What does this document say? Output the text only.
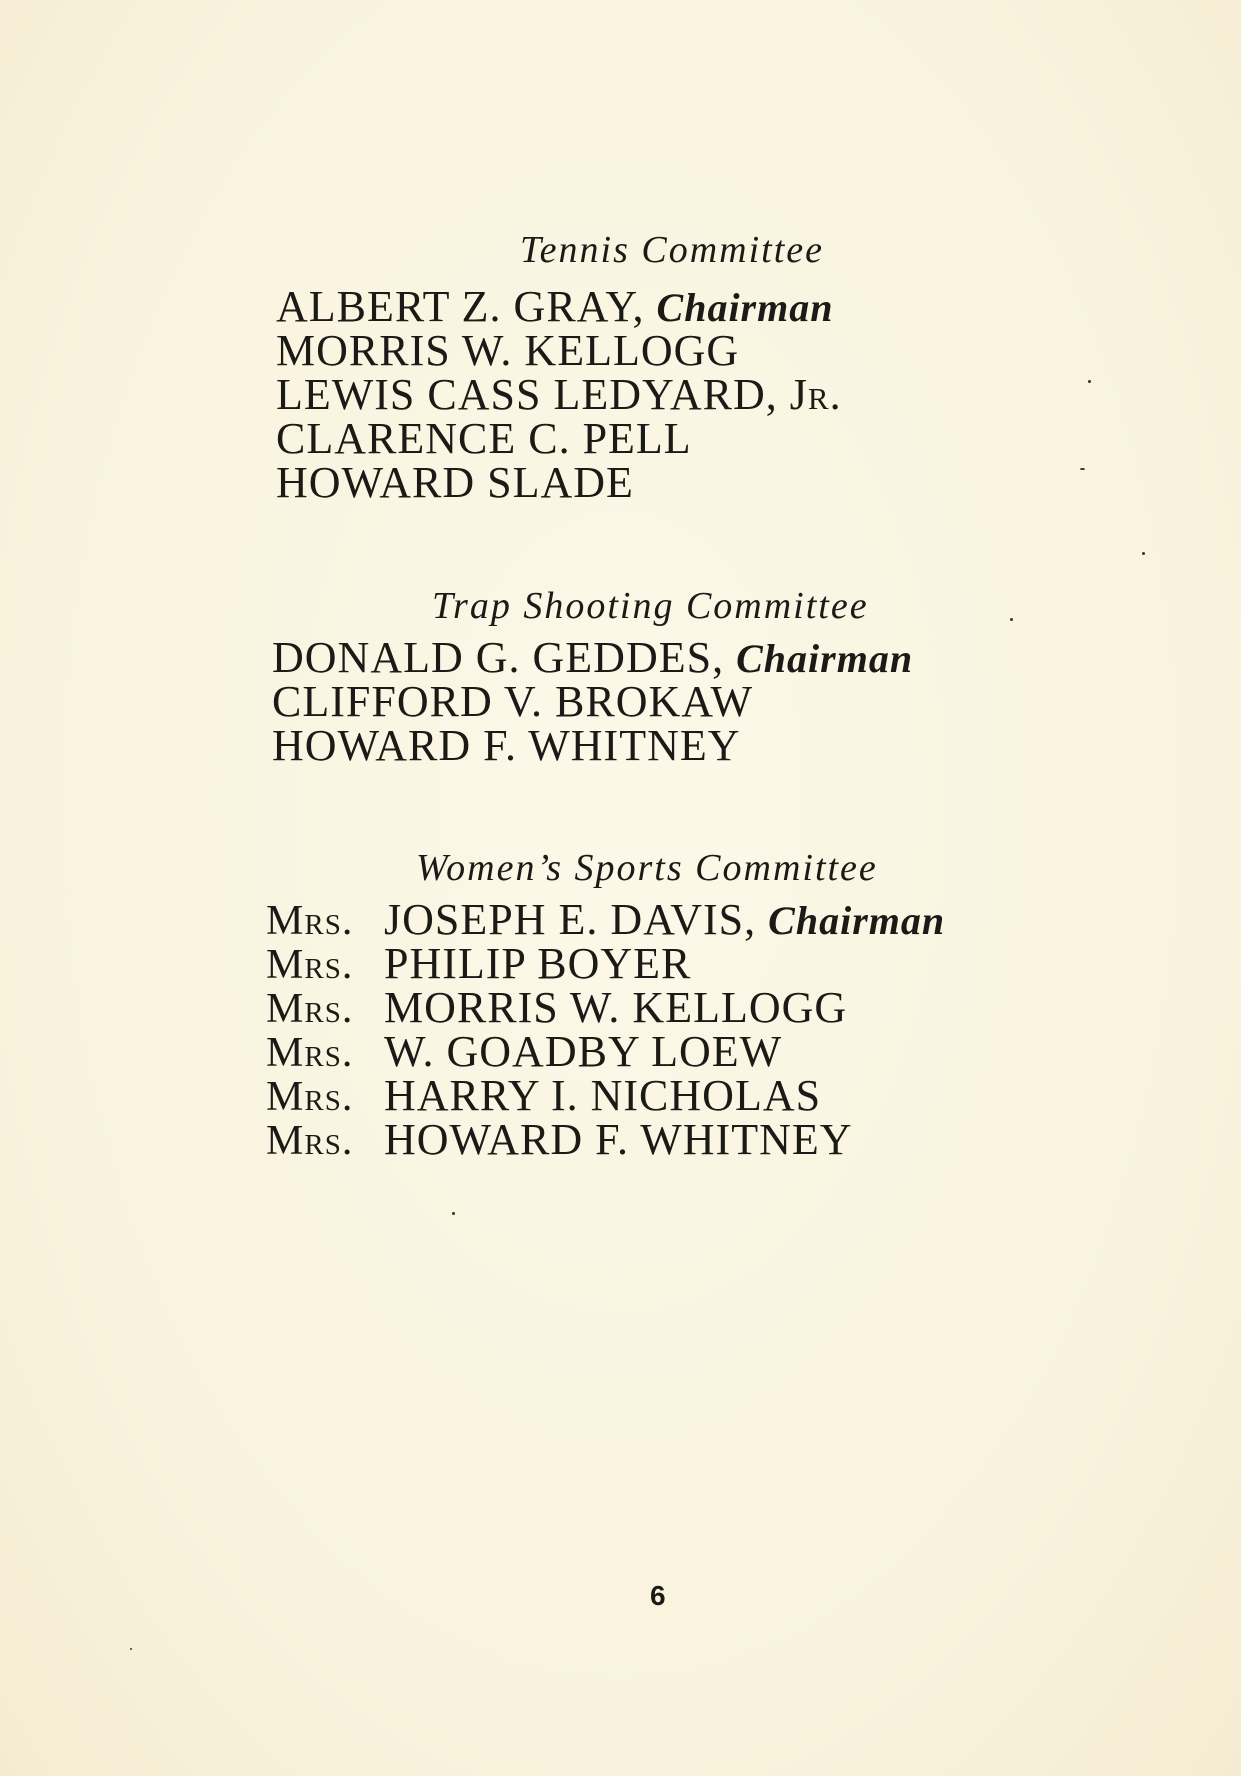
Tennis Committee
ALBERT Z. GRAY, Chairman
MORRIS W. KELLOGG
LEWIS CASS LEDYARD, Jr.
CLARENCE C. PELL
HOWARD SLADE
Trap Shooting Committee
DONALD G. GEDDES, Chairman
CLIFFORD V. BROKAW
HOWARD F. WHITNEY
Women’s Sports Committee
Mrs. JOSEPH E. DAVIS, Chairman
Mrs. PHILIP BOYER
Mrs. MORRIS W. KELLOGG
Mrs. W. GOADBY LOEW
Mrs. HARRY I. NICHOLAS
Mrs. HOWARD F. WHITNEY
6
